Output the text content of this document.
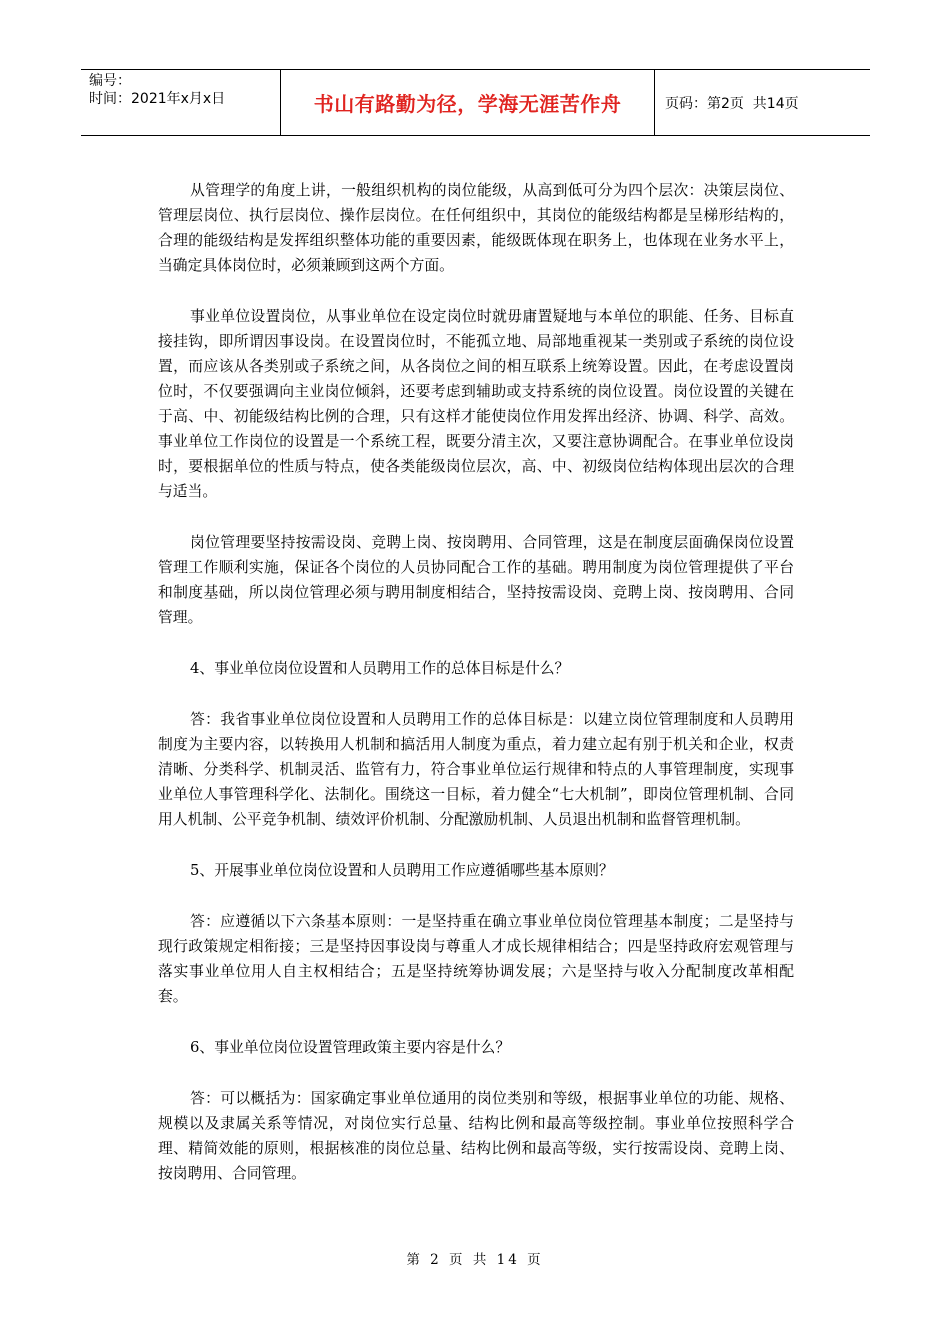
编号：
时间：2021年x月x日	书山有路勤为径，学海无涯苦作舟	页码：第2页  共14页

从管理学的角度上讲，一般组织机构的岗位能级，从高到低可分为四个层次：决策层岗位、管理层岗位、执行层岗位、操作层岗位。在任何组织中，其岗位的能级结构都是呈梯形结构的，合理的能级结构是发挥组织整体功能的重要因素，能级既体现在职务上，也体现在业务水平上，当确定具体岗位时，必须兼顾到这两个方面。

事业单位设置岗位，从事业单位在设定岗位时就毋庸置疑地与本单位的职能、任务、目标直接挂钩，即所谓因事设岗。在设置岗位时，不能孤立地、局部地重视某一类别或子系统的岗位设置，而应该从各类别或子系统之间，从各岗位之间的相互联系上统筹设置。因此，在考虑设置岗位时，不仅要强调向主业岗位倾斜，还要考虑到辅助或支持系统的岗位设置。岗位设置的关键在于高、中、初能级结构比例的合理，只有这样才能使岗位作用发挥出经济、协调、科学、高效。事业单位工作岗位的设置是一个系统工程，既要分清主次，又要注意协调配合。在事业单位设岗时，要根据单位的性质与特点，使各类能级岗位层次，高、中、初级岗位结构体现出层次的合理与适当。

岗位管理要坚持按需设岗、竞聘上岗、按岗聘用、合同管理，这是在制度层面确保岗位设置管理工作顺利实施，保证各个岗位的人员协同配合工作的基础。聘用制度为岗位管理提供了平台和制度基础，所以岗位管理必须与聘用制度相结合，坚持按需设岗、竞聘上岗、按岗聘用、合同管理。

4、事业单位岗位设置和人员聘用工作的总体目标是什么？

答：我省事业单位岗位设置和人员聘用工作的总体目标是：以建立岗位管理制度和人员聘用制度为主要内容，以转换用人机制和搞活用人制度为重点，着力建立起有别于机关和企业，权责清晰、分类科学、机制灵活、监管有力，符合事业单位运行规律和特点的人事管理制度，实现事业单位人事管理科学化、法制化。围绕这一目标，着力健全“七大机制”，即岗位管理机制、合同用人机制、公平竞争机制、绩效评价机制、分配激励机制、人员退出机制和监督管理机制。

5、开展事业单位岗位设置和人员聘用工作应遵循哪些基本原则？

答：应遵循以下六条基本原则：一是坚持重在确立事业单位岗位管理基本制度；二是坚持与现行政策规定相衔接；三是坚持因事设岗与尊重人才成长规律相结合；四是坚持政府宏观管理与落实事业单位用人自主权相结合；五是坚持统筹协调发展；六是坚持与收入分配制度改革相配套。

6、事业单位岗位设置管理政策主要内容是什么？

答：可以概括为：国家确定事业单位通用的岗位类别和等级，根据事业单位的功能、规格、规模以及隶属关系等情况，对岗位实行总量、结构比例和最高等级控制。事业单位按照科学合理、精简效能的原则，根据核准的岗位总量、结构比例和最高等级，实行按需设岗、竞聘上岗、按岗聘用、合同管理。

第 2 页 共 14 页
